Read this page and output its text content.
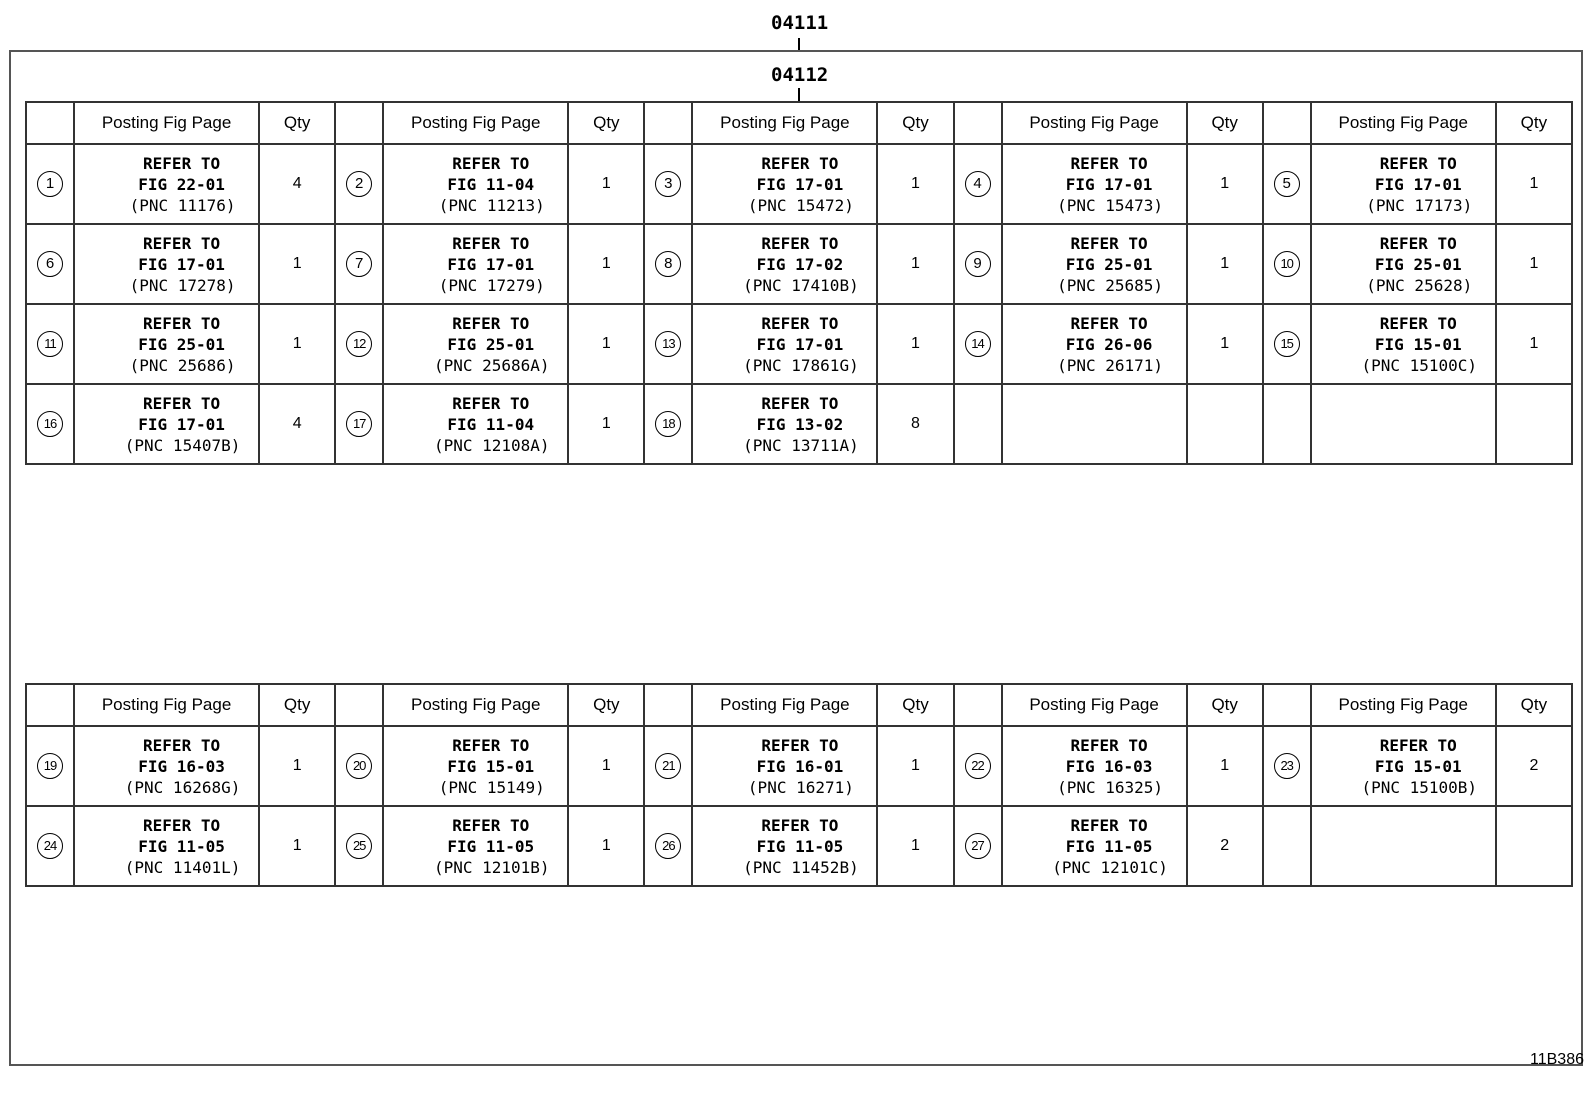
04111
04112
	Posting Fig Page	Qty		Posting Fig Page	Qty		Posting Fig Page	Qty		Posting Fig Page	Qty		Posting Fig Page	Qty
1	REFER TO
FIG 22-01
(PNC 11176)	4	2	REFER TO
FIG 11-04
(PNC 11213)	1	3	REFER TO
FIG 17-01
(PNC 15472)	1	4	REFER TO
FIG 17-01
(PNC 15473)	1	5	REFER TO
FIG 17-01
(PNC 17173)	1
6	REFER TO
FIG 17-01
(PNC 17278)	1	7	REFER TO
FIG 17-01
(PNC 17279)	1	8	REFER TO
FIG 17-02
(PNC 17410B)	1	9	REFER TO
FIG 25-01
(PNC 25685)	1	10	REFER TO
FIG 25-01
(PNC 25628)	1
11	REFER TO
FIG 25-01
(PNC 25686)	1	12	REFER TO
FIG 25-01
(PNC 25686A)	1	13	REFER TO
FIG 17-01
(PNC 17861G)	1	14	REFER TO
FIG 26-06
(PNC 26171)	1	15	REFER TO
FIG 15-01
(PNC 15100C)	1
16	REFER TO
FIG 17-01
(PNC 15407B)	4	17	REFER TO
FIG 11-04
(PNC 12108A)	1	18	REFER TO
FIG 13-02
(PNC 13711A)	8						
	Posting Fig Page	Qty		Posting Fig Page	Qty		Posting Fig Page	Qty		Posting Fig Page	Qty		Posting Fig Page	Qty
19	REFER TO
FIG 16-03
(PNC 16268G)	1	20	REFER TO
FIG 15-01
(PNC 15149)	1	21	REFER TO
FIG 16-01
(PNC 16271)	1	22	REFER TO
FIG 16-03
(PNC 16325)	1	23	REFER TO
FIG 15-01
(PNC 15100B)	2
24	REFER TO
FIG 11-05
(PNC 11401L)	1	25	REFER TO
FIG 11-05
(PNC 12101B)	1	26	REFER TO
FIG 11-05
(PNC 11452B)	1	27	REFER TO
FIG 11-05
(PNC 12101C)	2			
11B386
